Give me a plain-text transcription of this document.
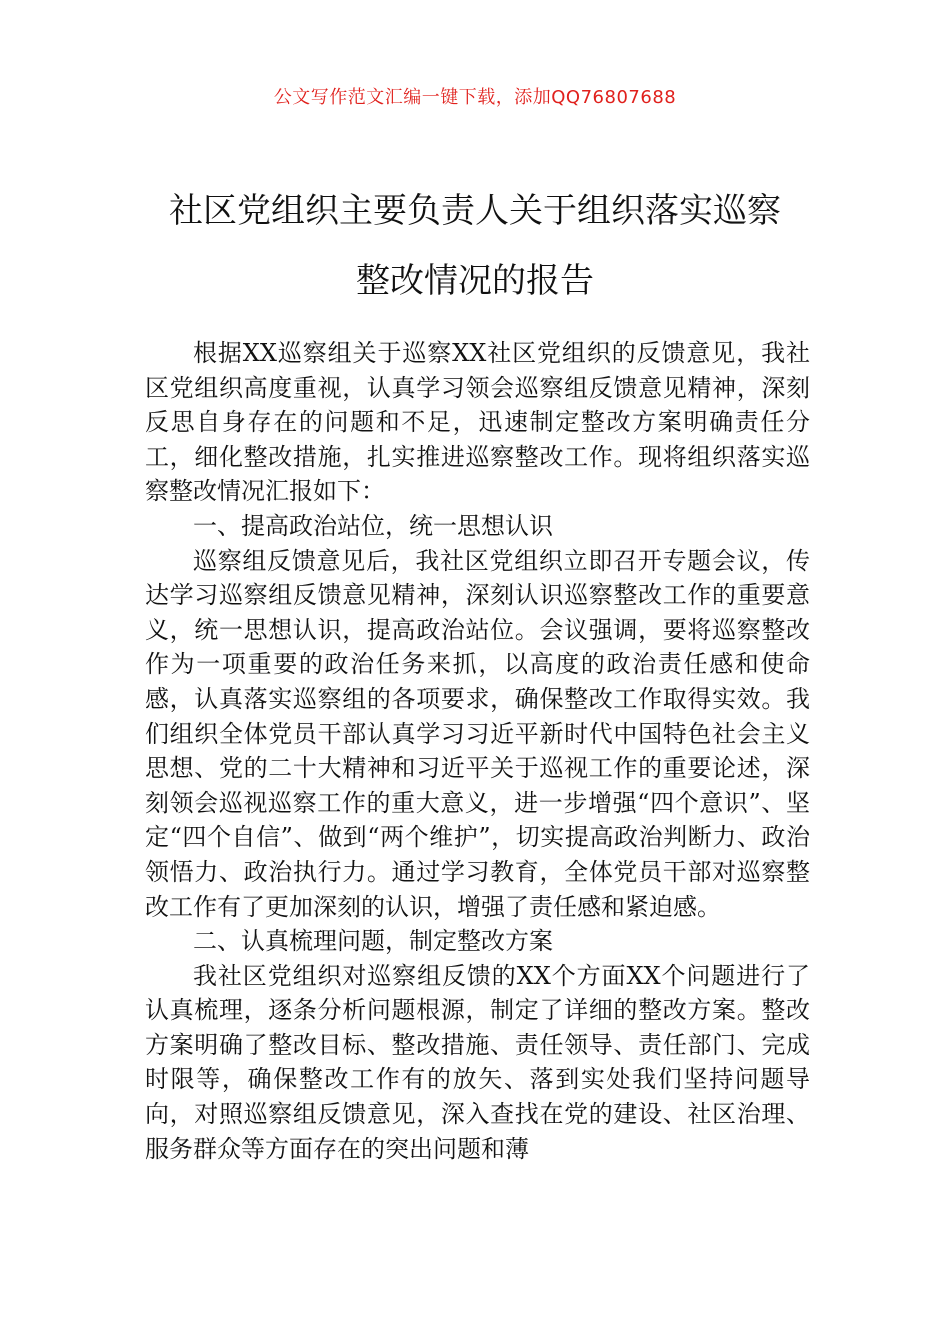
公文写作范文汇编一键下载，添加QQ76807688
社区党组织主要负责人关于组织落实巡察
整改情况的报告

根据XX巡察组关于巡察XX社区党组织的反馈意见，我社区党组织高度重视，认真学习领会巡察组反馈意见精神，深刻反思自身存在的问题和不足，迅速制定整改方案明确责任分工，细化整改措施，扎实推进巡察整改工作。现将组织落实巡察整改情况汇报如下：

一、提高政治站位，统一思想认识

巡察组反馈意见后，我社区党组织立即召开专题会议，传达学习巡察组反馈意见精神，深刻认识巡察整改工作的重要意义，统一思想认识，提高政治站位。会议强调，要将巡察整改作为一项重要的政治任务来抓，以高度的政治责任感和使命感，认真落实巡察组的各项要求，确保整改工作取得实效。我们组织全体党员干部认真学习习近平新时代中国特色社会主义思想、党的二十大精神和习近平关于巡视工作的重要论述，深刻领会巡视巡察工作的重大意义，进一步增强“四个意识”、坚定“四个自信”、做到“两个维护”，切实提高政治判断力、政治领悟力、政治执行力。通过学习教育，全体党员干部对巡察整改工作有了更加深刻的认识，增强了责任感和紧迫感。

二、认真梳理问题，制定整改方案

我社区党组织对巡察组反馈的XX个方面XX个问题进行了认真梳理，逐条分析问题根源，制定了详细的整改方案。整改方案明确了整改目标、整改措施、责任领导、责任部门、完成时限等，确保整改工作有的放矢、落到实处我们坚持问题导向，对照巡察组反馈意见，深入查找在党的建设、社区治理、服务群众等方面存在的突出问题和薄
